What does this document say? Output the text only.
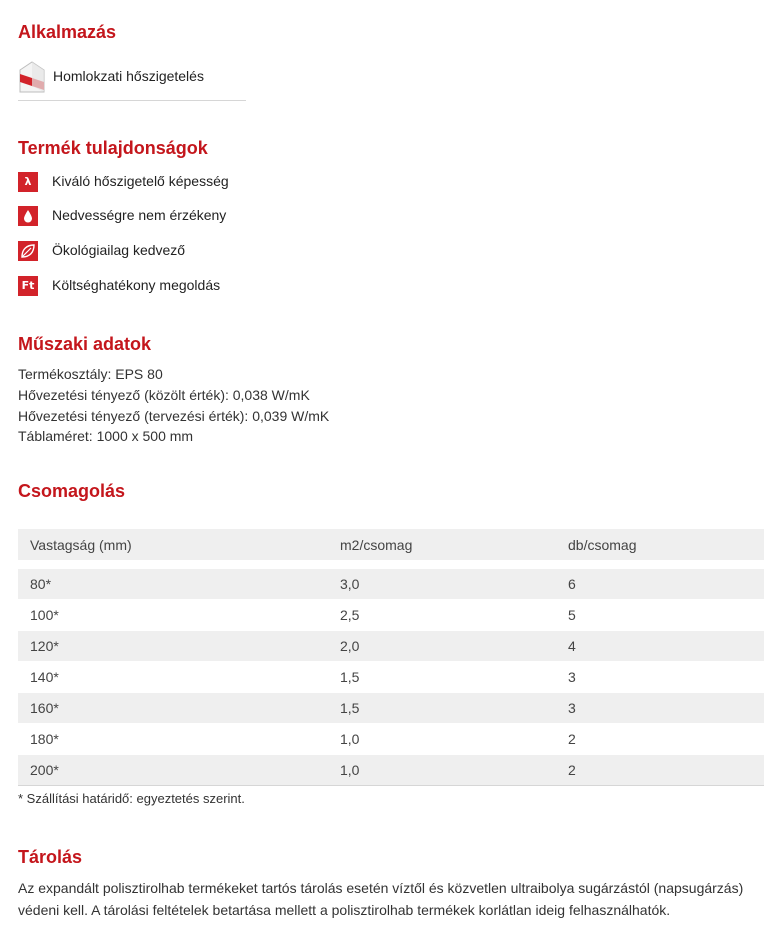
Alkalmazás
Homlokzati hőszigetelés
Termék tulajdonságok
λ	Kiváló hőszigetelő képesség
Nedvességre nem érzékeny
Ökológiailag kedvező
Ft Költséghatékony megoldás
Műszaki adatok
Termékosztály: EPS 80
Hővezetési tényező (közölt érték): 0,038 W/mK
Hővezetési tényező (tervezési érték): 0,039 W/mK
Táblaméret: 1000 x 500 mm
Csomagolás
Vastagság (mm)	m2/csomag	db/csomag

80*	3,0	6
100*	2,5	5
120*	2,0	4
140*	1,5	3
160*	1,5	3
180*	1,0	2
200*	1,0	2
* Szállítási határidő: egyeztetés szerint.
Tárolás
Az expandált polisztirolhab termékeket tartós tárolás esetén víztől és közvetlen ultraibolya sugárzástól (napsugárzás) védeni kell. A tárolási feltételek betartása mellett a polisztirolhab termékek korlátlan ideig felhasználhatók.
